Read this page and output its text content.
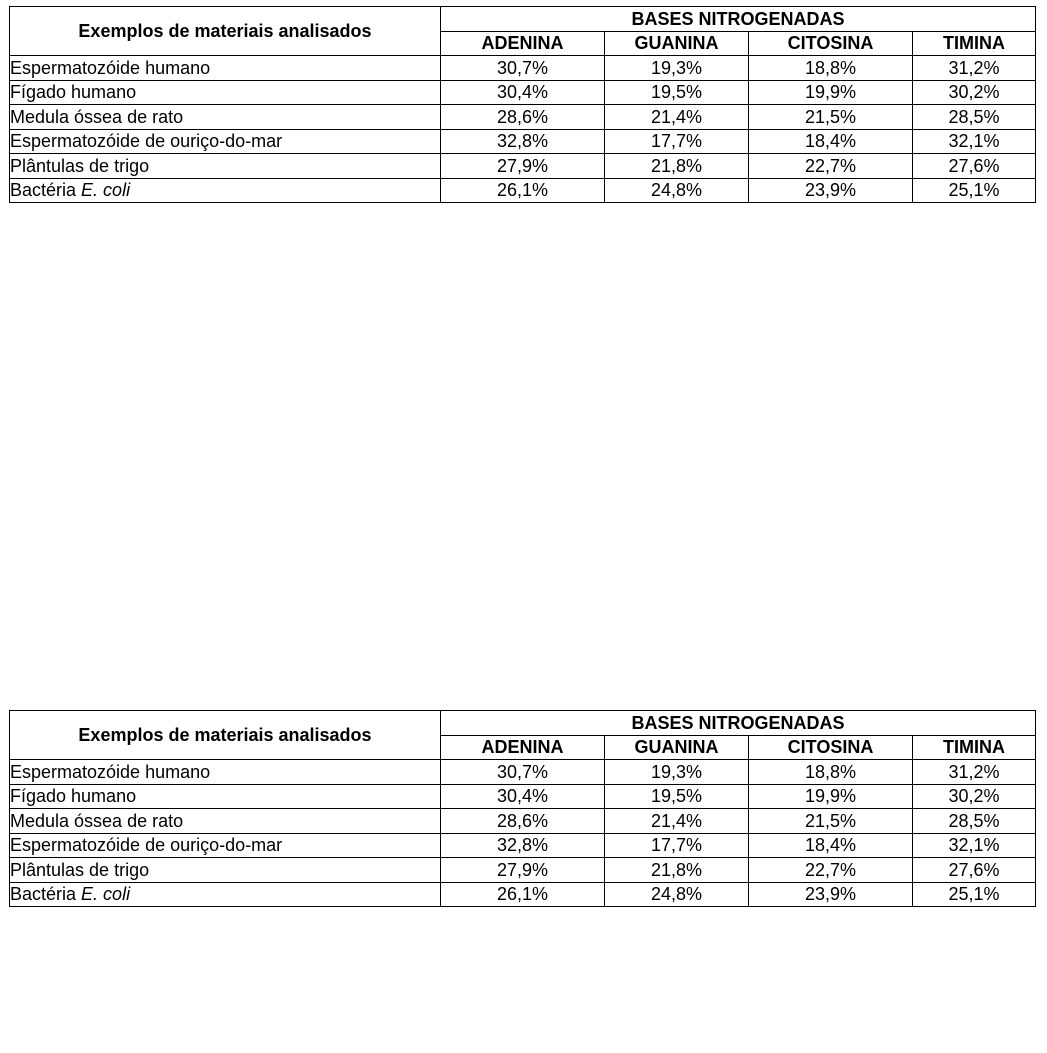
Exemplos de materiais analisados	BASES NITROGENADAS			
	ADENINA	GUANINA	CITOSINA	TIMINA
Espermatozóide humano	30,7%	19,3%	18,8%	31,2%
Fígado humano	30,4%	19,5%	19,9%	30,2%
Medula óssea de rato	28,6%	21,4%	21,5%	28,5%
Espermatozóide de ouriço-do-mar	32,8%	17,7%	18,4%	32,1%
Plântulas de trigo	27,9%	21,8%	22,7%	27,6%
Bactéria E. coli	26,1%	24,8%	23,9%	25,1%
Exemplos de materiais analisados	BASES NITROGENADAS			
	ADENINA	GUANINA	CITOSINA	TIMINA
Espermatozóide humano	30,7%	19,3%	18,8%	31,2%
Fígado humano	30,4%	19,5%	19,9%	30,2%
Medula óssea de rato	28,6%	21,4%	21,5%	28,5%
Espermatozóide de ouriço-do-mar	32,8%	17,7%	18,4%	32,1%
Plântulas de trigo	27,9%	21,8%	22,7%	27,6%
Bactéria E. coli	26,1%	24,8%	23,9%	25,1%
